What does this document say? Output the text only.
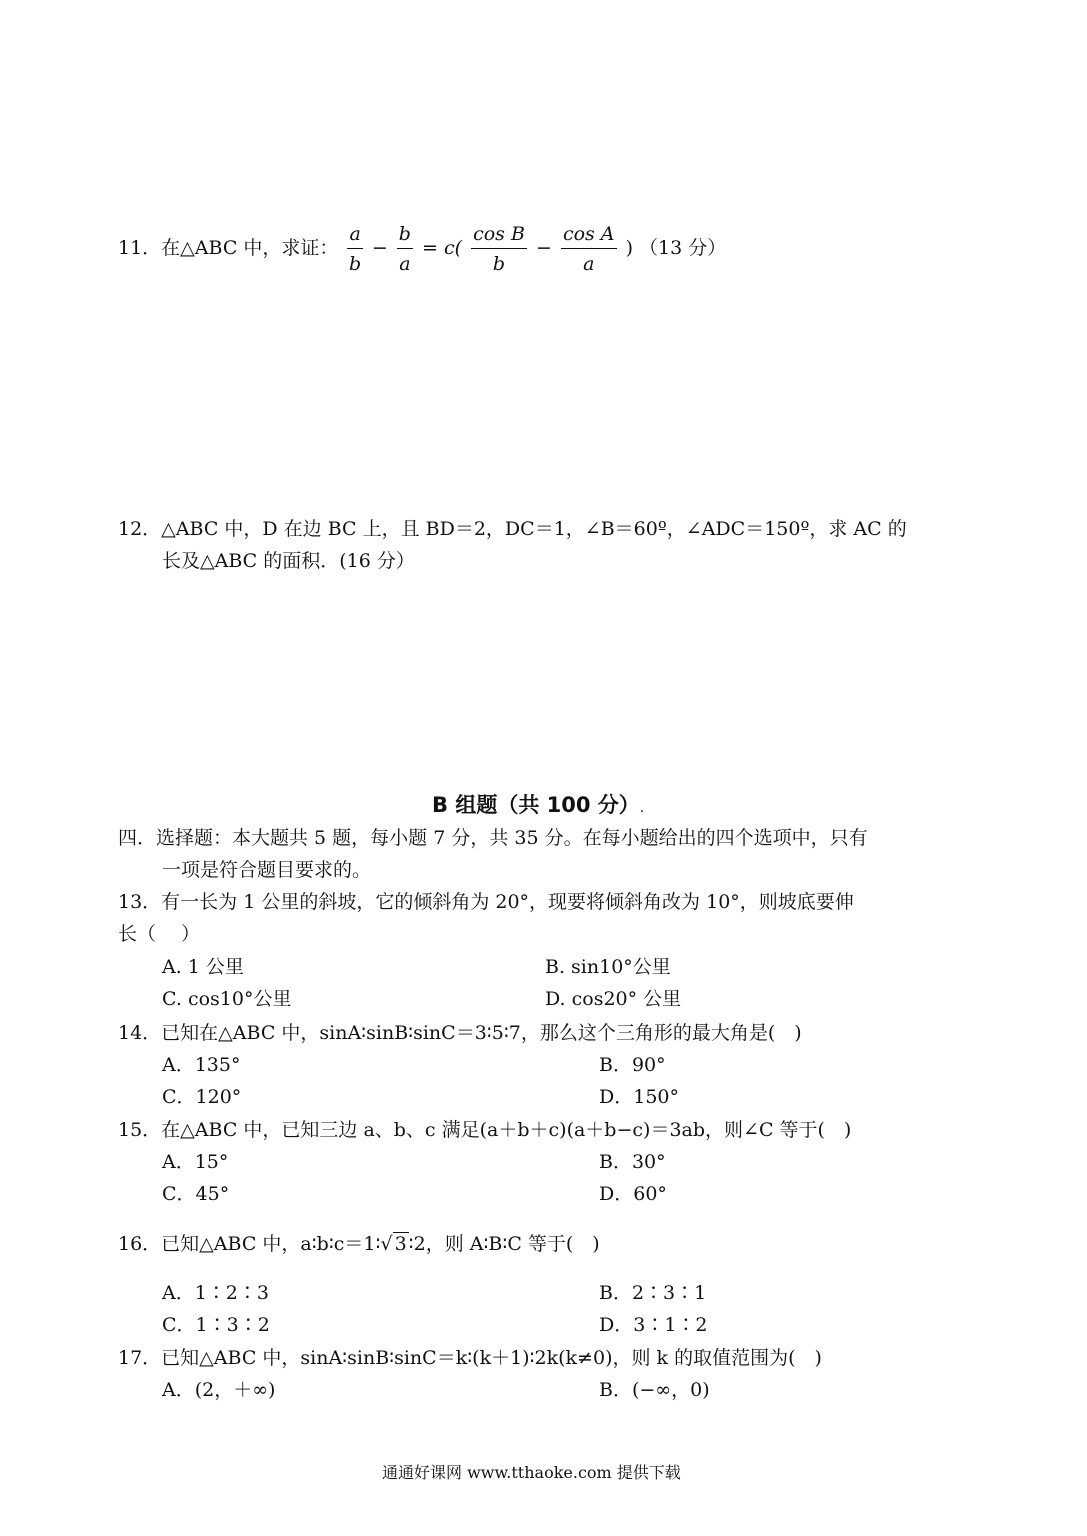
11．在△ABC 中，求证： $\frac{a}{b} - \frac{b}{a} = c( \frac{\text{cos B}}{b} - \frac{\text{cos A}}{a}$ ) （13 分）
12．△ABC 中，D 在边 BC 上，且 BD＝2，DC＝1，∠B＝60º，∠ADC＝150º，求 AC 的
长及△ABC 的面积．(16 分）
B 组题（共 100 分）.
四．选择题：本大题共 5 题，每小题 7 分，共 35 分。在每小题给出的四个选项中，只有
一项是符合题目要求的。
13．有一长为 1 公里的斜坡，它的倾斜角为 20°，现要将倾斜角改为 10°，则坡底要伸
长（　 ）
A. 1 公里	B. sin10°公里
C. cos10°公里	D. cos20° 公里
14．已知在△ABC 中，sinA∶sinB∶sinC＝3∶5∶7，那么这个三角形的最大角是(　)
A．135°	B．90°
C．120°	D．150°
15．在△ABC 中，已知三边 a、b、c 满足(a＋b＋c)(a＋b−c)＝3ab，则∠C 等于(　)
A．15°	B．30°
C．45°	D．60°
16．已知△ABC 中，a∶b∶c＝1∶√ 3 ∶2，则 A∶B∶C 等于(　)
A．1∶2∶3	B．2∶3∶1
C．1∶3∶2	D．3∶1∶2
17．已知△ABC 中，sinA∶sinB∶sinC＝k∶(k＋1)∶2k(k≠0)，则 k 的取值范围为(　)
A．(2，＋∞)	B．(−∞，0)
通通好课网 www.tthaoke.com 提供下载
